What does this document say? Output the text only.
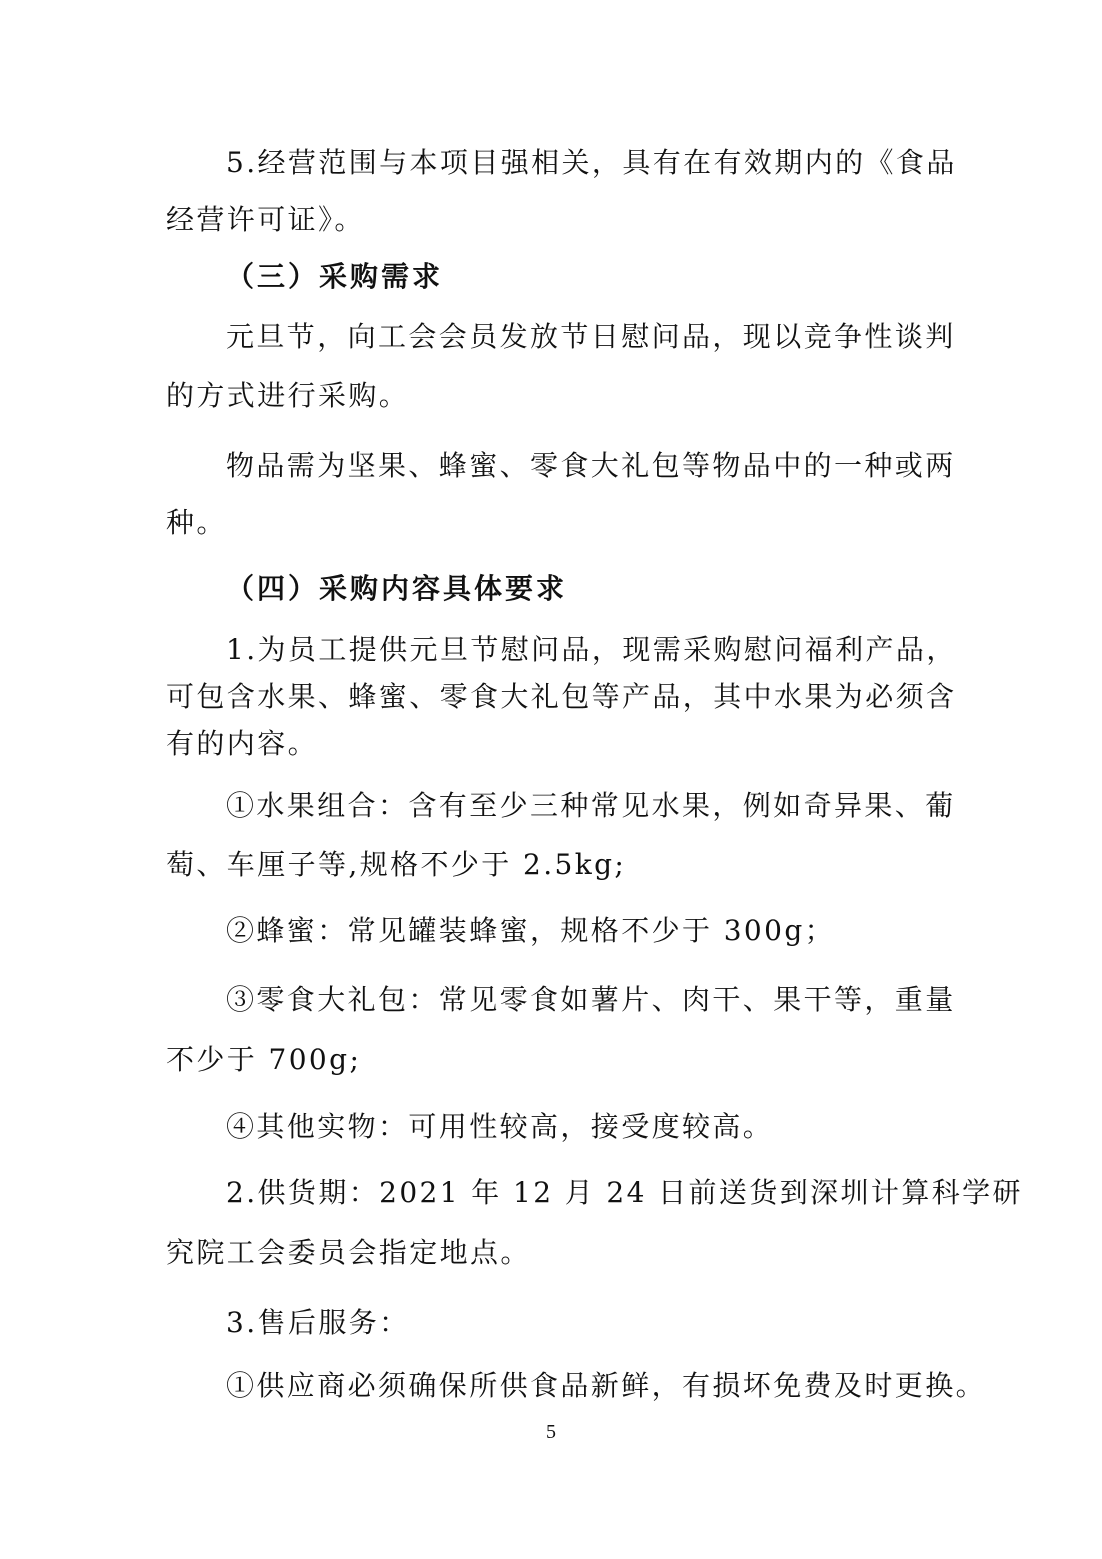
5.经营范围与本项目强相关，具有在有效期内的《食品
经营许可证》。
（三）采购需求
元旦节，向工会会员发放节日慰问品，现以竞争性谈判
的方式进行采购。
物品需为坚果、蜂蜜、零食大礼包等物品中的一种或两
种。
（四）采购内容具体要求
1.为员工提供元旦节慰问品，现需采购慰问福利产品，
可包含水果、蜂蜜、零食大礼包等产品，其中水果为必须含
有的内容。
①水果组合：含有至少三种常见水果，例如奇异果、葡
萄、车厘子等,规格不少于 2.5kg;
②蜂蜜：常见罐装蜂蜜，规格不少于 300g；
③零食大礼包：常见零食如薯片、肉干、果干等，重量
不少于 700g;
④其他实物：可用性较高，接受度较高。
2.供货期：2021 年 12 月 24 日前送货到深圳计算科学研
究院工会委员会指定地点。
3.售后服务：
①供应商必须确保所供食品新鲜，有损坏免费及时更换。
5
